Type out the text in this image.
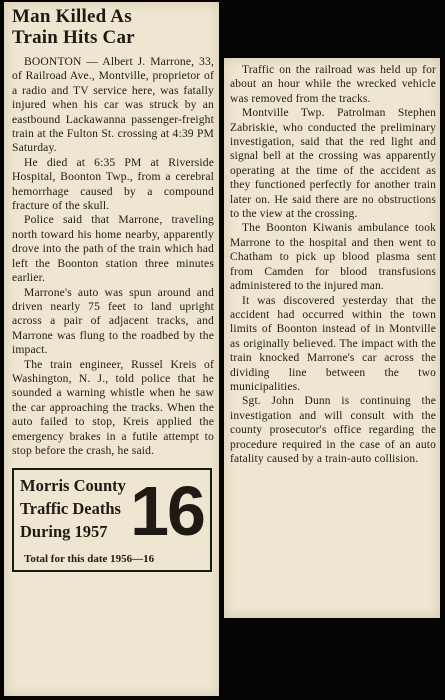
Man Killed As
Train Hits Car

BOONTON — Albert J. Marrone, 33, of Railroad Ave., Montville, proprietor of a radio and TV service here, was fatally injured when his car was struck by an eastbound Lackawanna passenger-freight train at the Fulton St. crossing at 4:39 PM Saturday.

He died at 6:35 PM at Riverside Hospital, Boonton Twp., from a cerebral hemorrhage caused by a compound fracture of the skull.

Police said that Marrone, traveling north toward his home nearby, apparently drove into the path of the train which had left the Boonton station three minutes earlier.

Marrone's auto was spun around and driven nearly 75 feet to land upright across a pair of adjacent tracks, and Marrone was flung to the roadbed by the impact.

The train engineer, Russel Kreis of Washington, N. J., told police that he sounded a warning whistle when he saw the car approaching the tracks. When the auto failed to stop, Kreis applied the emergency brakes in a futile attempt to stop before the crash, he said.

Morris County
Traffic Deaths
During 1957 16
Total for this date 1956—16

Traffic on the railroad was held up for about an hour while the wrecked vehicle was removed from the tracks.

Montville Twp. Patrolman Stephen Zabriskie, who conducted the preliminary investigation, said that the red light and signal bell at the crossing was apparently operating at the time of the accident as they functioned perfectly for another train later on. He said there are no obstructions to the view at the crossing.

The Boonton Kiwanis ambulance took Marrone to the hospital and then went to Chatham to pick up blood plasma sent from Camden for blood transfusions administered to the injured man.

It was discovered yesterday that the accident had occurred within the town limits of Boonton instead of in Montville as originally believed. The impact with the train knocked Marrone's car across the dividing line between the two municipalities.

Sgt. John Dunn is continuing the investigation and will consult with the county prosecutor's office regarding the procedure required in the case of an auto fatality caused by a train-auto collision.
